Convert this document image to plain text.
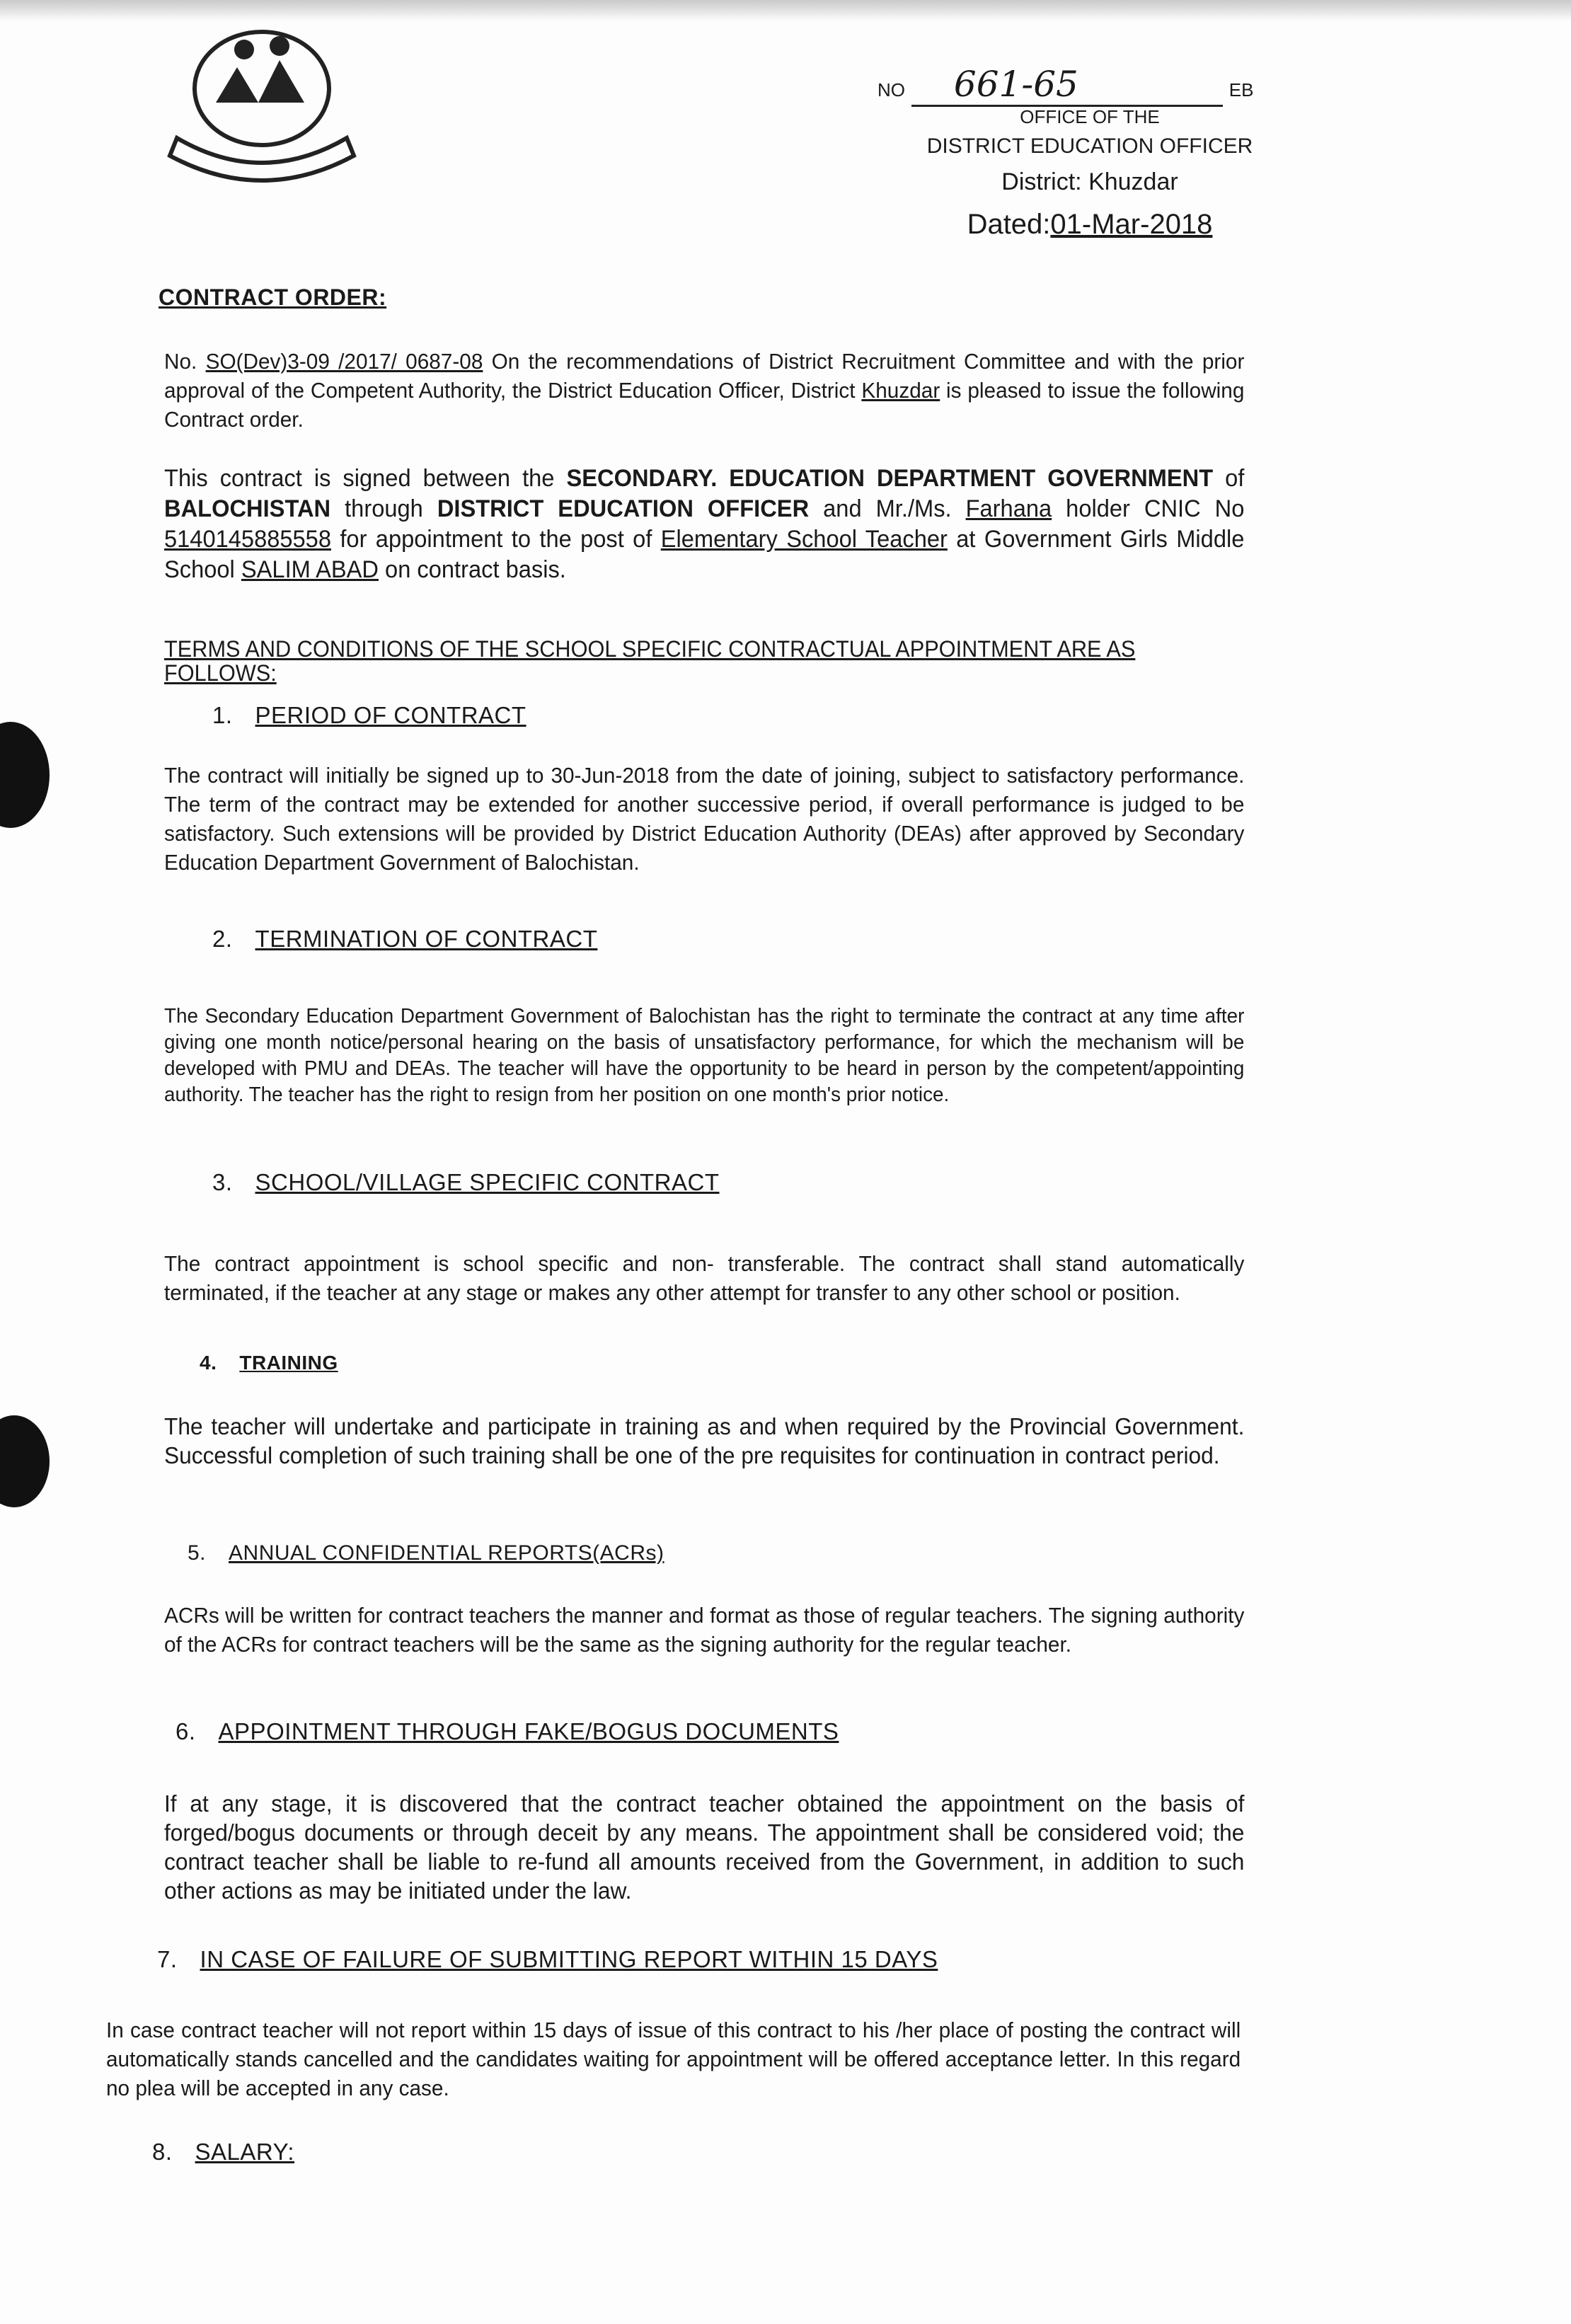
NO 661-65	EB
OFFICE OF THE
DISTRICT EDUCATION OFFICER
District: Khuzdar
Dated:01-Mar-2018
CONTRACT ORDER:
No. SO(Dev)3-09 /2017/ 0687-08 On the recommendations of District Recruitment Committee and with the prior approval of the Competent Authority, the District Education Officer, District Khuzdar is pleased to issue the following Contract order.
This contract is signed between the SECONDARY. EDUCATION DEPARTMENT GOVERNMENT of BALOCHISTAN through DISTRICT EDUCATION OFFICER and Mr./Ms. Farhana holder CNIC No 5140145885558 for appointment to the post of Elementary School Teacher at Government Girls Middle School SALIM ABAD on contract basis.
TERMS AND CONDITIONS OF THE SCHOOL SPECIFIC CONTRACTUAL APPOINTMENT ARE AS FOLLOWS:
1. PERIOD OF CONTRACT
The contract will initially be signed up to 30-Jun-2018 from the date of joining, subject to satisfactory performance. The term of the contract may be extended for another successive period, if overall performance is judged to be satisfactory. Such extensions will be provided by District Education Authority (DEAs) after approved by Secondary Education Department Government of Balochistan.
2. TERMINATION OF CONTRACT
The Secondary Education Department Government of Balochistan has the right to terminate the contract at any time after giving one month notice/personal hearing on the basis of unsatisfactory performance, for which the mechanism will be developed with PMU and DEAs. The teacher will have the opportunity to be heard in person by the competent/appointing authority. The teacher has the right to resign from her position on one month's prior notice.
3. SCHOOL/VILLAGE SPECIFIC CONTRACT
The contract appointment is school specific and non- transferable. The contract shall stand automatically terminated, if the teacher at any stage or makes any other attempt for transfer to any other school or position.
4. TRAINING
The teacher will undertake and participate in training as and when required by the Provincial Government. Successful completion of such training shall be one of the pre requisites for continuation in contract period.
5. ANNUAL CONFIDENTIAL REPORTS(ACRs)
ACRs will be written for contract teachers the manner and format as those of regular teachers. The signing authority of the ACRs for contract teachers will be the same as the signing authority for the regular teacher.
6. APPOINTMENT THROUGH FAKE/BOGUS DOCUMENTS
If at any stage, it is discovered that the contract teacher obtained the appointment on the basis of forged/bogus documents or through deceit by any means. The appointment shall be considered void; the contract teacher shall be liable to re-fund all amounts received from the Government, in addition to such other actions as may be initiated under the law.
7. IN CASE OF FAILURE OF SUBMITTING REPORT WITHIN 15 DAYS
In case contract teacher will not report within 15 days of issue of this contract to his /her place of posting the contract will automatically stands cancelled and the candidates waiting for appointment will be offered acceptance letter. In this regard no plea will be accepted in any case.
8. SALARY:
